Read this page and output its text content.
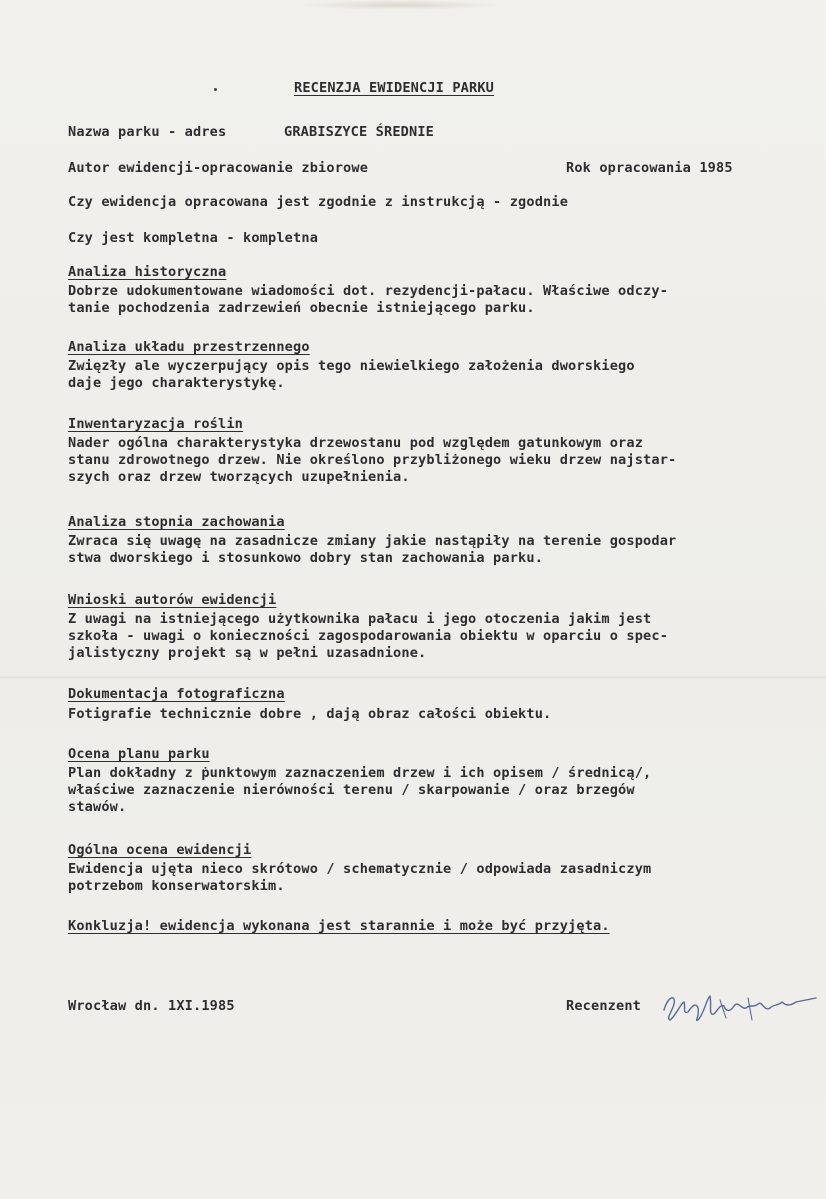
RECENZJA EWIDENCJI PARKU
Nazwa parku - adres	GRABISZYCE ŚREDNIE
Autor ewidencji-opracowanie zbiorowe	Rok opracowania 1985
Czy ewidencja opracowana jest zgodnie z instrukcją - zgodnie
Czy jest kompletna - kompletna
Analiza historyczna
Dobrze udokumentowane wiadomości dot. rezydencji-pałacu. Właściwe odczy-
tanie pochodzenia zadrzewień obecnie istniejącego parku.
Analiza układu przestrzennego
Zwięzły ale wyczerpujący opis tego niewielkiego założenia dworskiego
daje jego charakterystykę.
Inwentaryzacja roślin
Nader ogólna charakterystyka drzewostanu pod względem gatunkowym oraz
stanu zdrowotnego drzew. Nie określono przybliżonego wieku drzew najstar-
szych oraz drzew tworzących uzupełnienia.
Analiza stopnia zachowania
Zwraca się uwagę na zasadnicze zmiany jakie nastąpiły na terenie gospodar
stwa dworskiego i stosunkowo dobry stan zachowania parku.
Wnioski autorów ewidencji
Z uwagi na istniejącego użytkownika pałacu i jego otoczenia jakim jest
szkoła - uwagi o konieczności zagospodarowania obiektu w oparciu o spec-
jalistyczny projekt są w pełni uzasadnione.
Dokumentacja fotograficzna
Fotigrafie technicznie dobre , dają obraz całości obiektu.
Ocena planu parku
Plan dokładny z ṗunktowym zaznaczeniem drzew i ich opisem / średnicą/,
właściwe zaznaczenie nierówności terenu / skarpowanie / oraz brzegów
stawów.
Ogólna ocena ewidencji
Ewidencja ujęta nieco skrótowo / schematycznie / odpowiada zasadniczym
potrzebom konserwatorskim.
Konkluzja! ewidencja wykonana jest starannie i może być przyjęta.
Wrocław dn. 1XI.1985	Recenzent
